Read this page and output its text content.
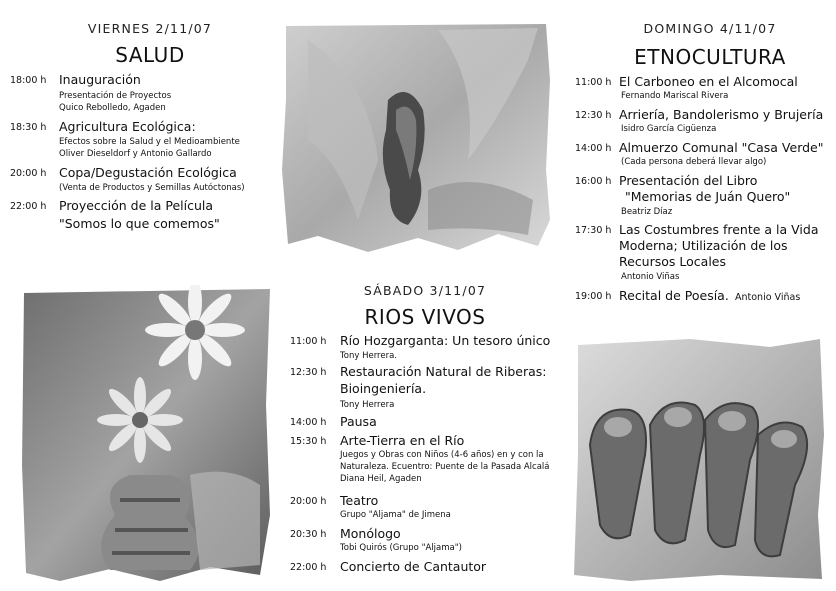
VIERNES 2/11/07
SALUD
18:00 h Inauguración
Presentación de Proyectos
Quico Rebolledo, Agaden
18:30 h Agricultura Ecológica:
Efectos sobre la Salud y el Medioambiente
Oliver Dieseldorf y Antonio Gallardo
20:00 h Copa/Degustación Ecológica
(Venta de Productos y Semillas Autóctonas)
22:00 h Proyección de la Película
"Somos lo que comemos"
SÁBADO 3/11/07
RIOS VIVOS
11:00 h Río Hozgarganta: Un tesoro único
Tony Herrera.
12:30 h Restauración Natural de Riberas:
Bioingeniería.
Tony Herrera
14:00 h Pausa
15:30 h Arte-Tierra en el Río
Juegos y Obras con Niños (4-6 años) en y con la
Naturaleza. Ecuentro: Puente de la Pasada Alcalá
Diana Heil, Agaden
20:00 h Teatro
Grupo "Aljama" de Jimena
20:30 h Monólogo
Tobi Quirós (Grupo "Aljama")
22:00 h Concierto de Cantautor
DOMINGO 4/11/07
ETNOCULTURA
11:00 h El Carboneo en el Alcomocal
Fernando Mariscal Rivera
12:30 h Arriería, Bandolerismo y Brujería
Isidro García Cigüenza
14:00 h Almuerzo Comunal "Casa Verde"
(Cada persona deberá llevar algo)
16:00 h Presentación del Libro
"Memorias de Juán Quero"
Beatriz Díaz
17:30 h Las Costumbres frente a la Vida
Moderna; Utilización de los
Recursos Locales
Antonio Viñas
19:00 h Recital de Poesía. Antonio Viñas
